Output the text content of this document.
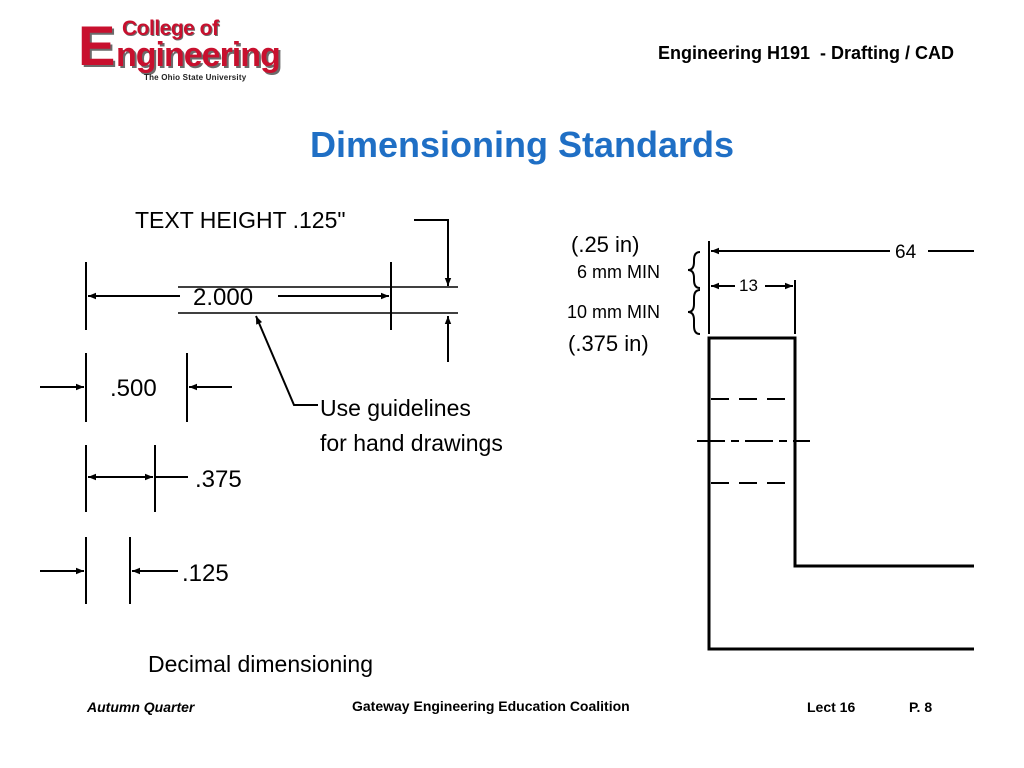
E College of
ngineering
The Ohio State University
Engineering H191  - Drafting / CAD
Dimensioning Standards
TEXT HEIGHT .125"
2.000
.500
.375
.125
Use guidelines
for hand drawings
Decimal dimensioning
(.25 in)
6 mm MIN
10 mm MIN
(.375 in)
64
13
Autumn Quarter	Gateway Engineering Education Coalition	Lect 16	P. 8
